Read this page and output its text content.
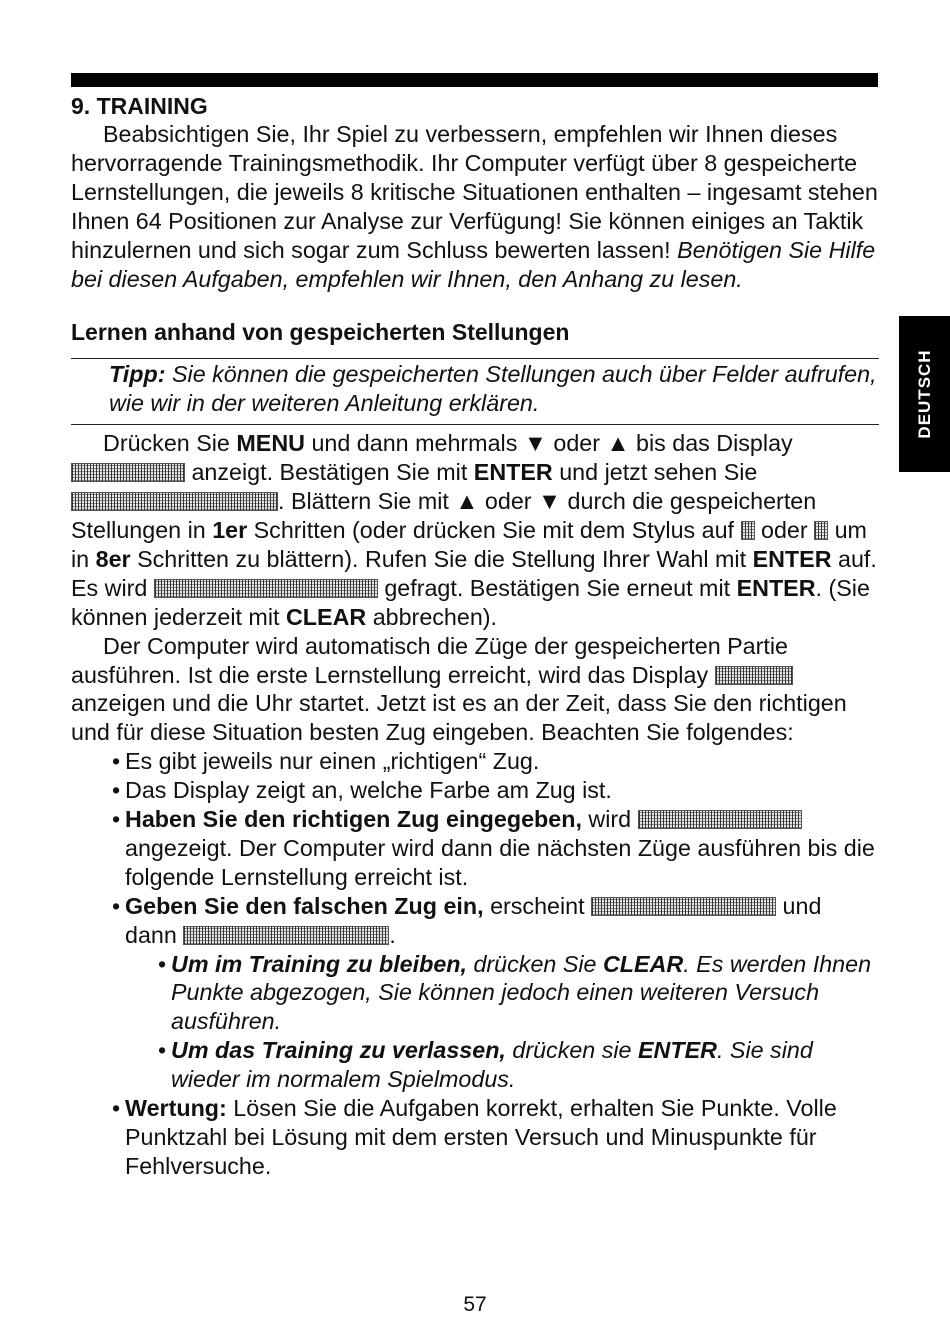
DEUTSCH
9. TRAINING

Beabsichtigen Sie, Ihr Spiel zu verbessern, empfehlen wir Ihnen dieses hervorragende Trainingsmethodik. Ihr Computer verfügt über 8 gespeicherte Lernstellungen, die jeweils 8 kritische Situationen enthalten – ingesamt stehen Ihnen 64 Positionen zur Analyse zur Verfügung! Sie können einiges an Taktik hinzulernen und sich sogar zum Schluss bewerten lassen! Benötigen Sie Hilfe bei diesen Aufgaben, empfehlen wir Ihnen, den Anhang zu lesen.

Lernen anhand von gespeicherten Stellungen
Tipp: Sie können die gespeicherten Stellungen auch über Felder aufrufen, wie wir in der weiteren Anleitung erklären.

Drücken Sie MENU und dann mehrmals ▼ oder ▲ bis das Display
anzeigt. Bestätigen Sie mit ENTER und jetzt sehen Sie
. Blättern Sie mit ▲ oder ▼ durch die gespeicherten Stellungen in 1er Schritten (oder drücken Sie mit dem Stylus auf
oder
um in 8er Schritten zu blättern). Rufen Sie die Stellung Ihrer Wahl mit ENTER auf. Es wird	gefragt. Bestätigen Sie erneut mit ENTER. (Sie können jederzeit mit CLEAR abbrechen).

Der Computer wird automatisch die Züge der gespeicherten Partie ausführen. Ist die erste Lernstellung erreicht, wird das Display
anzeigen und die Uhr startet. Jetzt ist es an der Zeit, dass Sie den richtigen und für diese Situation besten Zug eingeben. Beachten Sie folgendes:

• Es gibt jeweils nur einen „richtigen“ Zug.
• Das Display zeigt an, welche Farbe am Zug ist.
• Haben Sie den richtigen Zug eingegeben, wird
angezeigt. Der Computer wird dann die nächsten Züge ausführen bis die folgende Lernstellung erreicht ist.
• Geben Sie den falschen Zug ein, erscheint	und dann	.
• Um im Training zu bleiben, drücken Sie CLEAR. Es werden Ihnen Punkte abgezogen, Sie können jedoch einen weiteren Versuch ausführen.
• Um das Training zu verlassen, drücken sie ENTER. Sie sind wieder im normalem Spielmodus.
• Wertung: Lösen Sie die Aufgaben korrekt, erhalten Sie Punkte. Volle Punktzahl bei Lösung mit dem ersten Versuch und Minuspunkte für Fehlversuche.
57
